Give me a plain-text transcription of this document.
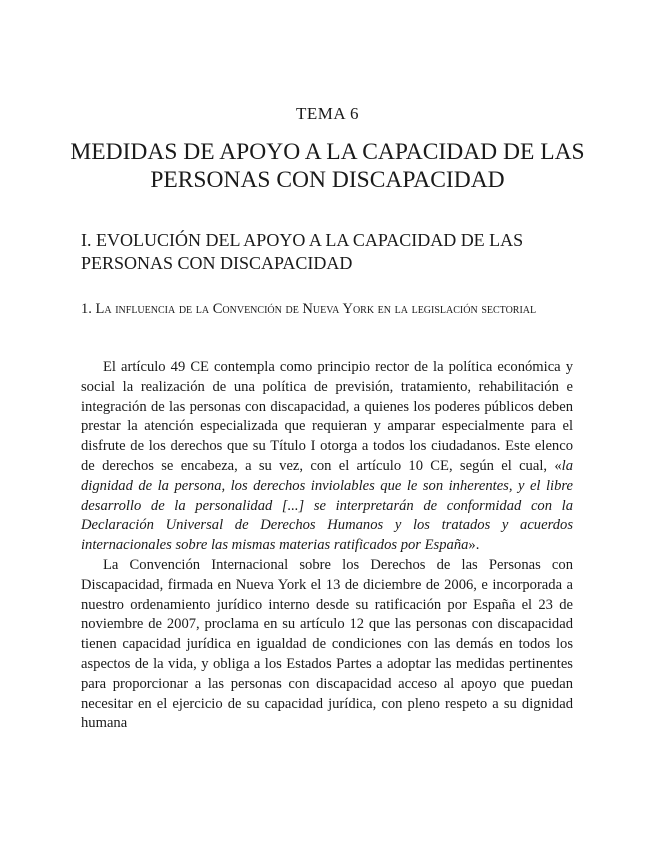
TEMA 6
MEDIDAS DE APOYO A LA CAPACIDAD DE LAS PERSONAS CON DISCAPACIDAD
I. EVOLUCIÓN DEL APOYO A LA CAPACIDAD DE LAS PERSONAS CON DISCAPACIDAD
1. La influencia de la Convención de Nueva York en la legislación sectorial

El artículo 49 CE contempla como principio rector de la política económica y social la realización de una política de previsión, tratamiento, rehabilitación e integración de las personas con discapacidad, a quienes los poderes públicos deben prestar la atención especializada que requieran y amparar especialmente para el disfrute de los derechos que su Título I otorga a todos los ciudadanos. Este elenco de derechos se encabeza, a su vez, con el artículo 10 CE, según el cual, «la dignidad de la persona, los derechos inviolables que le son inherentes, y el libre desarrollo de la personalidad [...] se interpretarán de conformidad con la Declaración Universal de Derechos Humanos y los tratados y acuerdos internacionales sobre las mismas materias ratificados por España».

La Convención Internacional sobre los Derechos de las Personas con Discapacidad, firmada en Nueva York el 13 de diciembre de 2006, e incorporada a nuestro ordenamiento jurídico interno desde su ratificación por España el 23 de noviembre de 2007, proclama en su artículo 12 que las personas con discapacidad tienen capacidad jurídica en igualdad de condiciones con las demás en todos los aspectos de la vida, y obliga a los Estados Partes a adoptar las medidas pertinentes para proporcionar a las personas con discapacidad acceso al apoyo que puedan necesitar en el ejercicio de su capacidad jurídica, con pleno respeto a su dignidad humana
